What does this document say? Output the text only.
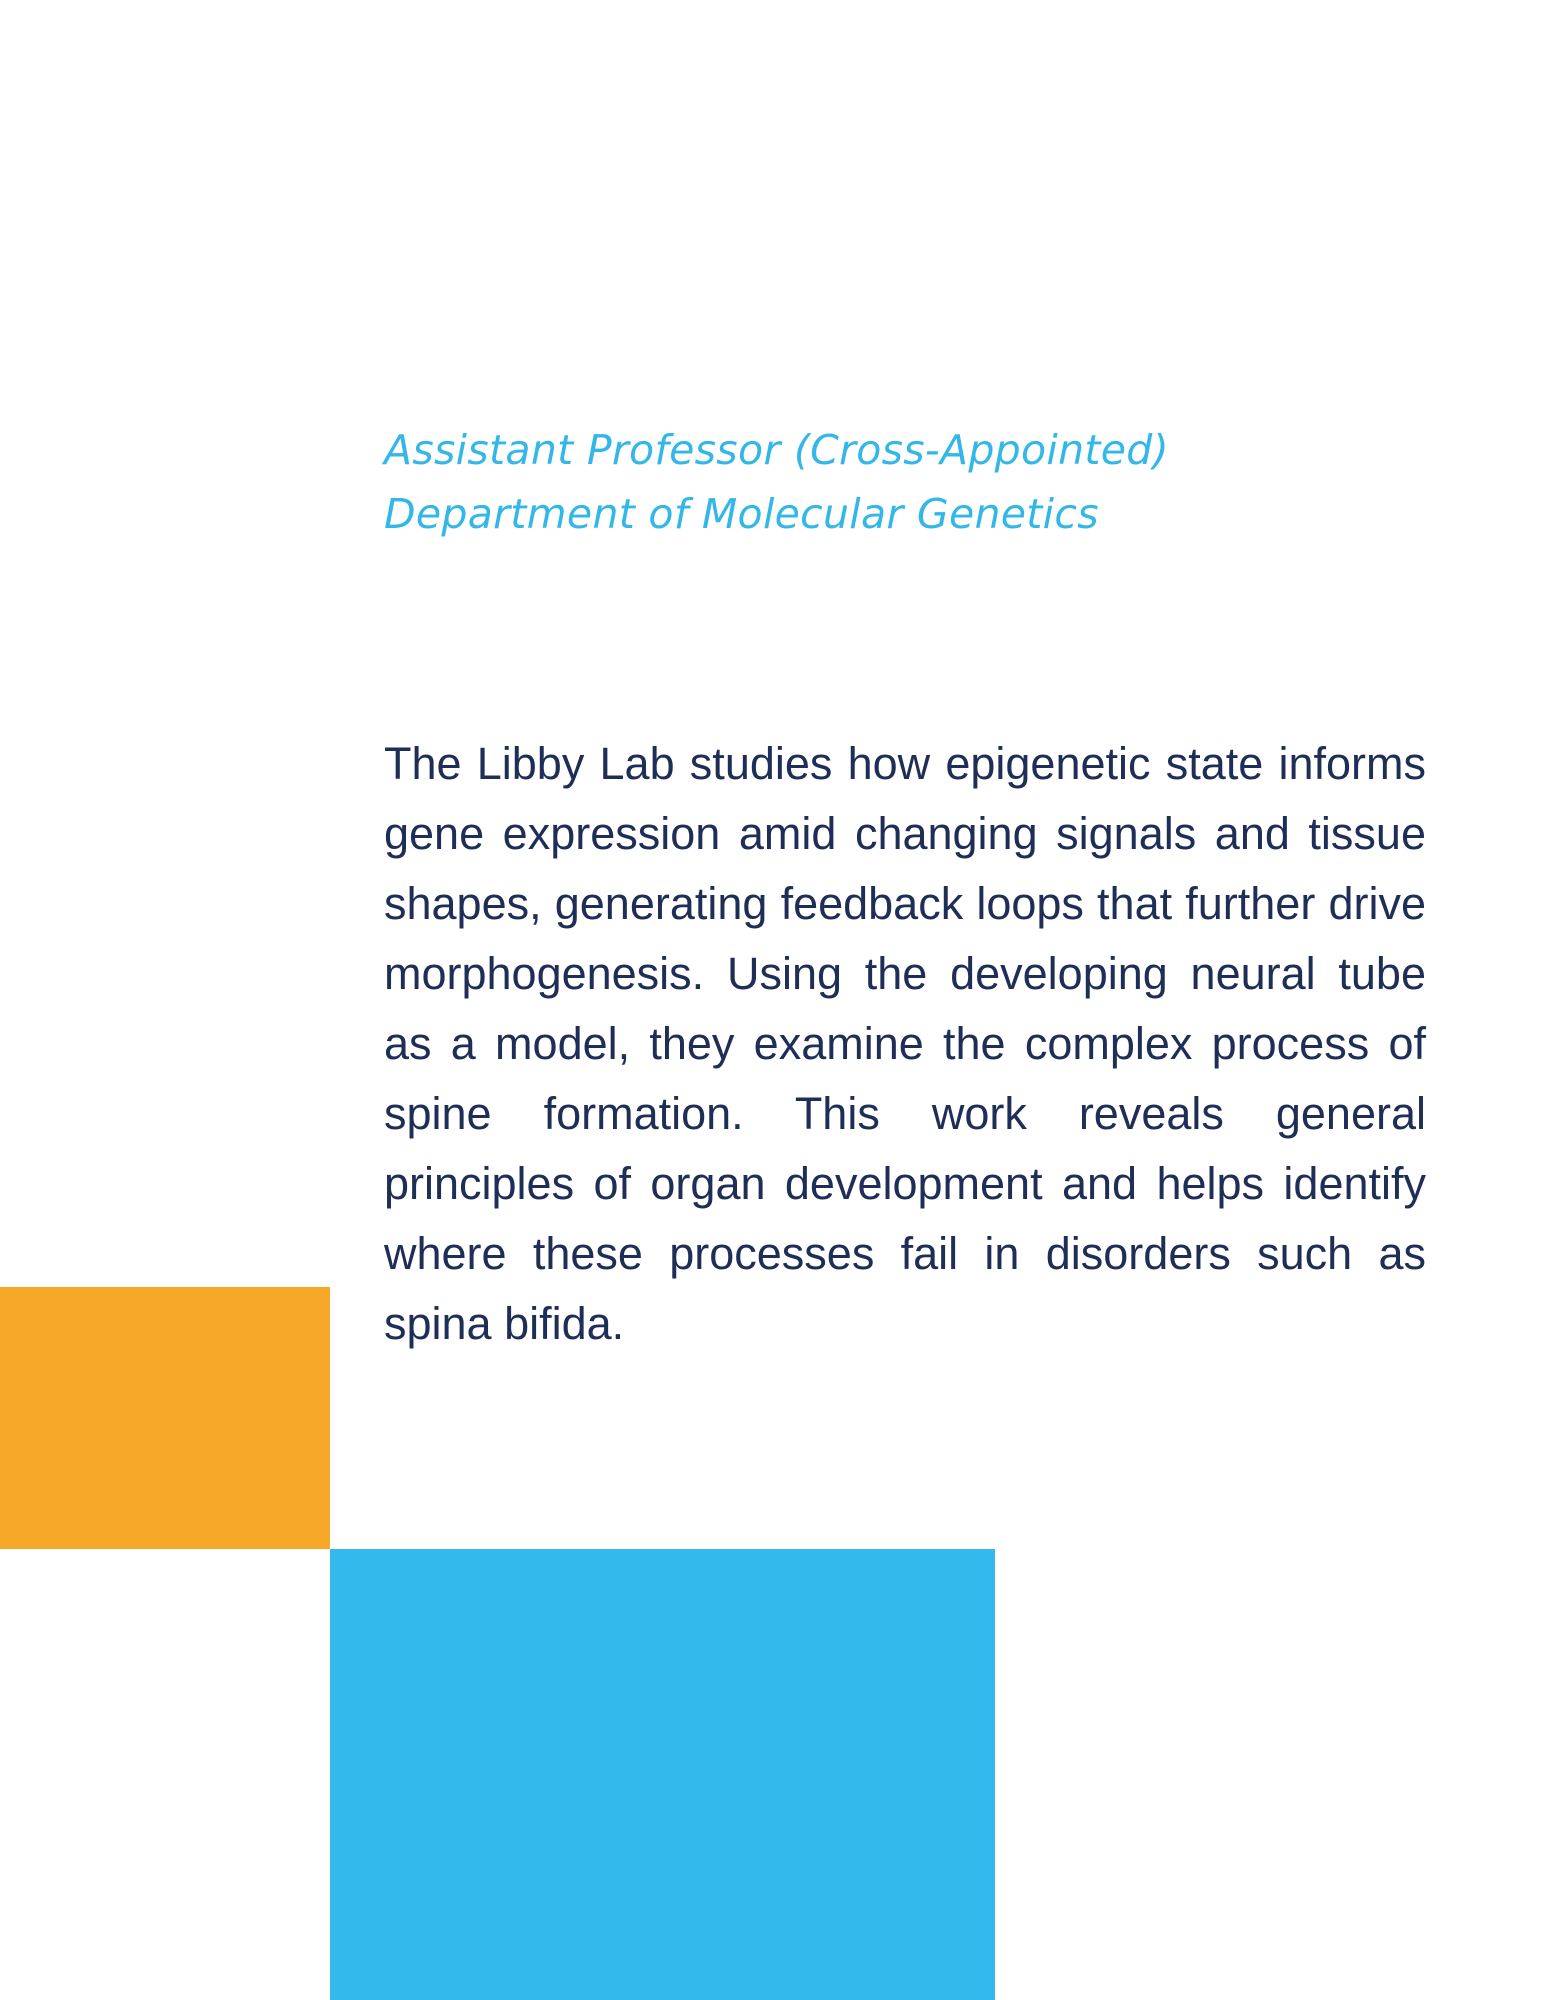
Assistant Professor (Cross-Appointed)
Department of Molecular Genetics

The Libby Lab studies how epigenetic state informs gene expression amid changing signals and tissue shapes, generating feedback loops that further drive morphogenesis. Using the developing neural tube as a model, they examine the complex process of spine formation. This work reveals general principles of organ development and helps identify where these processes fail in disorders such as spina bifida.
